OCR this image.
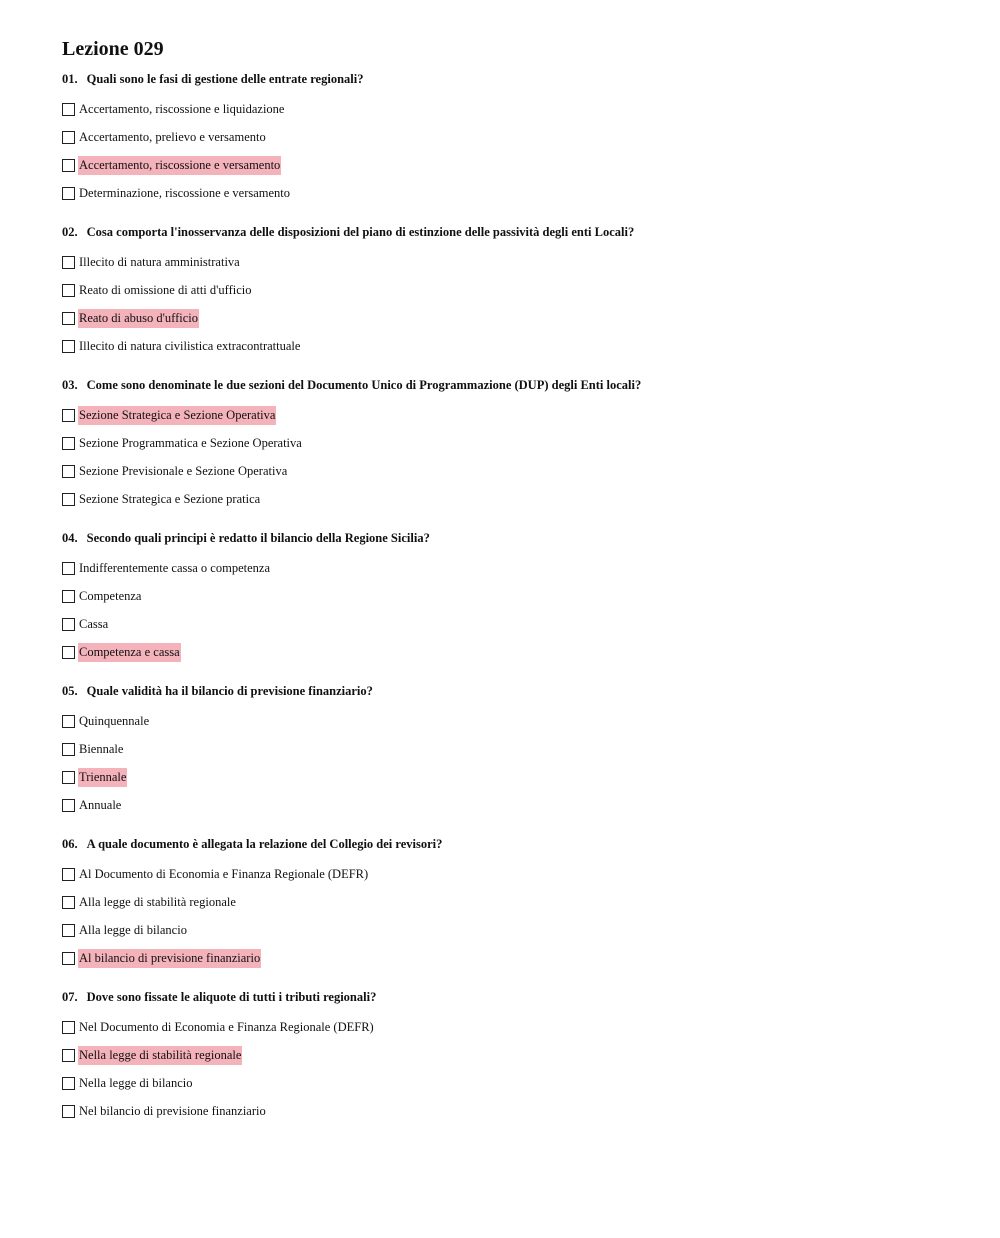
Lezione 029
01. Quali sono le fasi di gestione delle entrate regionali?
Accertamento, riscossione e liquidazione
Accertamento, prelievo e versamento
Accertamento, riscossione e versamento
Determinazione, riscossione e versamento
02. Cosa comporta l'inosservanza delle disposizioni del piano di estinzione delle passività degli enti Locali?
Illecito di natura amministrativa
Reato di omissione di atti d'ufficio
Reato di abuso d'ufficio
Illecito di natura civilistica extracontrattuale
03. Come sono denominate le due sezioni del Documento Unico di Programmazione (DUP) degli Enti locali?
Sezione Strategica e Sezione Operativa
Sezione Programmatica e Sezione Operativa
Sezione Previsionale e Sezione Operativa
Sezione Strategica e Sezione pratica
04. Secondo quali principi è redatto il bilancio della Regione Sicilia?
Indifferentemente cassa o competenza
Competenza
Cassa
Competenza e cassa
05. Quale validità ha il bilancio di previsione finanziario?
Quinquennale
Biennale
Triennale
Annuale
06. A quale documento è allegata la relazione del Collegio dei revisori?
Al Documento di Economia e Finanza Regionale (DEFR)
Alla legge di stabilità regionale
Alla legge di bilancio
Al bilancio di previsione finanziario
07. Dove sono fissate le aliquote di tutti i tributi regionali?
Nel Documento di Economia e Finanza Regionale (DEFR)
Nella legge di stabilità regionale
Nella legge di bilancio
Nel bilancio di previsione finanziario
